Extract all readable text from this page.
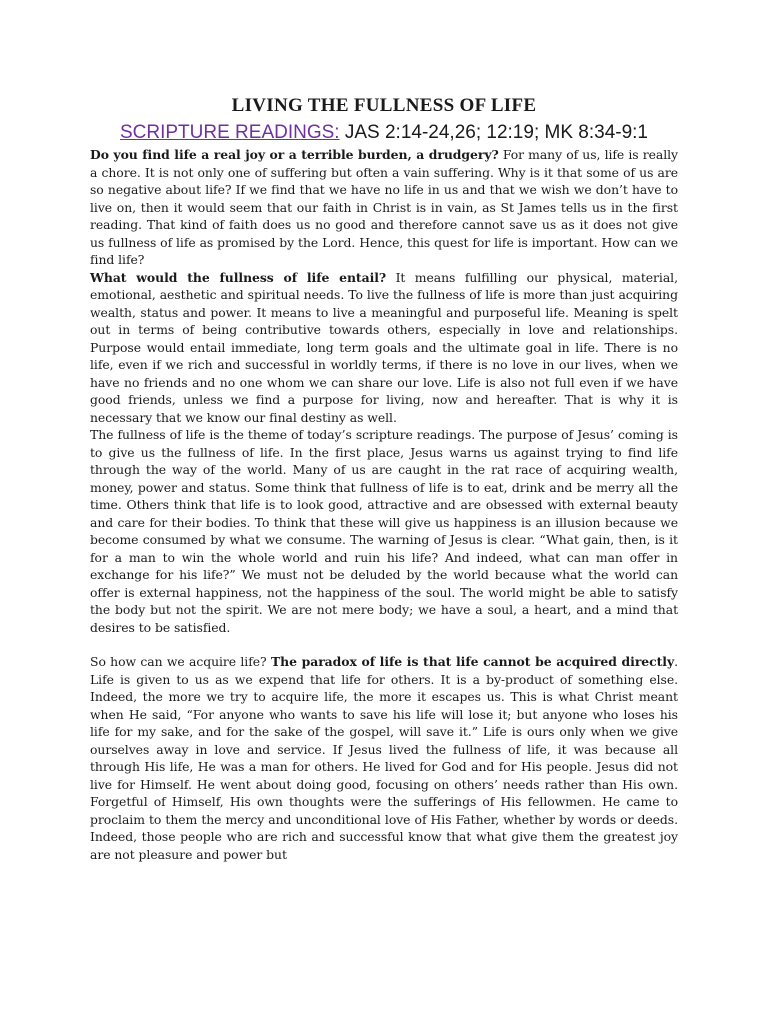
LIVING THE FULLNESS OF LIFE
SCRIPTURE READINGS: JAS 2:14-24,26; 12:19; MK 8:34-9:1

Do you find life a real joy or a terrible burden, a drudgery? For many of us, life is really a chore. It is not only one of suffering but often a vain suffering. Why is it that some of us are so negative about life? If we find that we have no life in us and that we wish we don’t have to live on, then it would seem that our faith in Christ is in vain, as St James tells us in the first reading. That kind of faith does us no good and therefore cannot save us as it does not give us fullness of life as promised by the Lord. Hence, this quest for life is important. How can we find life?

What would the fullness of life entail? It means fulfilling our physical, material, emotional, aesthetic and spiritual needs. To live the fullness of life is more than just acquiring wealth, status and power. It means to live a meaningful and purposeful life. Meaning is spelt out in terms of being contributive towards others, especially in love and relationships. Purpose would entail immediate, long term goals and the ultimate goal in life. There is no life, even if we rich and successful in worldly terms, if there is no love in our lives, when we have no friends and no one whom we can share our love. Life is also not full even if we have good friends, unless we find a purpose for living, now and hereafter. That is why it is necessary that we know our final destiny as well.

The fullness of life is the theme of today’s scripture readings. The purpose of Jesus’ coming is to give us the fullness of life. In the first place, Jesus warns us against trying to find life through the way of the world. Many of us are caught in the rat race of acquiring wealth, money, power and status. Some think that fullness of life is to eat, drink and be merry all the time. Others think that life is to look good, attractive and are obsessed with external beauty and care for their bodies. To think that these will give us happiness is an illusion because we become consumed by what we consume. The warning of Jesus is clear. “What gain, then, is it for a man to win the whole world and ruin his life? And indeed, what can man offer in exchange for his life?” We must not be deluded by the world because what the world can offer is external happiness, not the happiness of the soul. The world might be able to satisfy the body but not the spirit. We are not mere body; we have a soul, a heart, and a mind that desires to be satisfied.

So how can we acquire life? The paradox of life is that life cannot be acquired directly. Life is given to us as we expend that life for others. It is a by-product of something else. Indeed, the more we try to acquire life, the more it escapes us. This is what Christ meant when He said, “For anyone who wants to save his life will lose it; but anyone who loses his life for my sake, and for the sake of the gospel, will save it.” Life is ours only when we give ourselves away in love and service. If Jesus lived the fullness of life, it was because all through His life, He was a man for others. He lived for God and for His people. Jesus did not live for Himself. He went about doing good, focusing on others’ needs rather than His own. Forgetful of Himself, His own thoughts were the sufferings of His fellowmen. He came to proclaim to them the mercy and unconditional love of His Father, whether by words or deeds. Indeed, those people who are rich and successful know that what give them the greatest joy are not pleasure and power but
